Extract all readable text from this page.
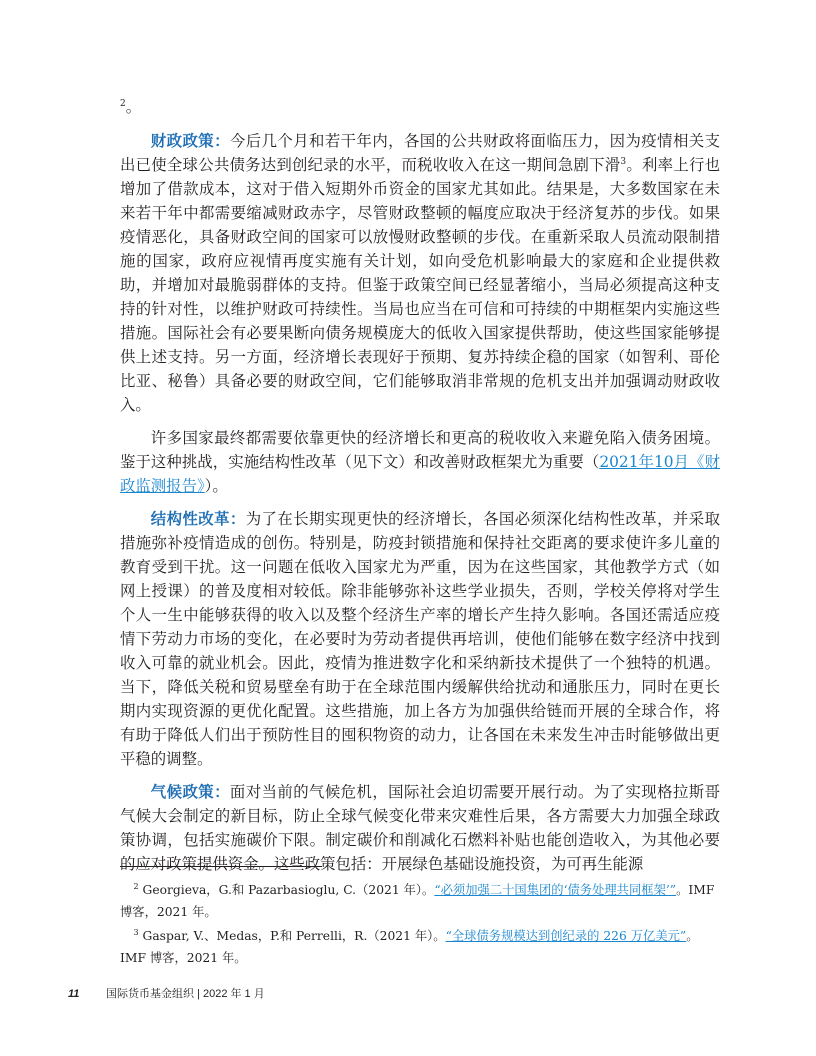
$^2$。

财政政策：今后几个月和若干年内，各国的公共财政将面临压力，因为疫情相关支出已使全球公共债务达到创纪录的水平，而税收收入在这一期间急剧下滑$^3$。利率上行也增加了借款成本，这对于借入短期外币资金的国家尤其如此。结果是，大多数国家在未来若干年中都需要缩减财政赤字，尽管财政整顿的幅度应取决于经济复苏的步伐。如果疫情恶化，具备财政空间的国家可以放慢财政整顿的步伐。在重新采取人员流动限制措施的国家，政府应视情再度实施有关计划，如向受危机影响最大的家庭和企业提供救助，并增加对最脆弱群体的支持。但鉴于政策空间已经显著缩小，当局必须提高这种支持的针对性，以维护财政可持续性。当局也应当在可信和可持续的中期框架内实施这些措施。国际社会有必要果断向债务规模庞大的低收入国家提供帮助，使这些国家能够提供上述支持。另一方面，经济增长表现好于预期、复苏持续企稳的国家（如智利、哥伦比亚、秘鲁）具备必要的财政空间，它们能够取消非常规的危机支出并加强调动财政收入。

许多国家最终都需要依靠更快的经济增长和更高的税收收入来避免陷入债务困境。鉴于这种挑战，实施结构性改革（见下文）和改善财政框架尤为重要（2021年10月《财政监测报告》）。

结构性改革：为了在长期实现更快的经济增长，各国必须深化结构性改革，并采取措施弥补疫情造成的创伤。特别是，防疫封锁措施和保持社交距离的要求使许多儿童的教育受到干扰。这一问题在低收入国家尤为严重，因为在这些国家，其他教学方式（如网上授课）的普及度相对较低。除非能够弥补这些学业损失，否则，学校关停将对学生个人一生中能够获得的收入以及整个经济生产率的增长产生持久影响。各国还需适应疫情下劳动力市场的变化，在必要时为劳动者提供再培训，使他们能够在数字经济中找到收入可靠的就业机会。因此，疫情为推进数字化和采纳新技术提供了一个独特的机遇。当下，降低关税和贸易壁垒有助于在全球范围内缓解供给扰动和通胀压力，同时在更长期内实现资源的更优化配置。这些措施，加上各方为加强供给链而开展的全球合作，将有助于降低人们出于预防性目的囤积物资的动力，让各国在未来发生冲击时能够做出更平稳的调整。

气候政策：面对当前的气候危机，国际社会迫切需要开展行动。为了实现格拉斯哥气候大会制定的新目标，防止全球气候变化带来灾难性后果，各方需要大力加强全球政策协调，包括实施碳价下限。制定碳价和削减化石燃料补贴也能创造收入，为其他必要的应对政策提供资金。这些政策包括：开展绿色基础设施投资，为可再生能源

$^2$ Georgieva，G.和 Pazarbasioglu, C.（2021 年）。“必须加强二十国集团的‘债务处理共同框架’”。IMF 博客，2021 年。

$^3$ Gaspar, V.、Medas，P.和 Perrelli，R.（2021 年）。“全球债务规模达到创纪录的 226 万亿美元”。IMF 博客，2021 年。

11 国际货币基金组织 | 2022 年 1 月
